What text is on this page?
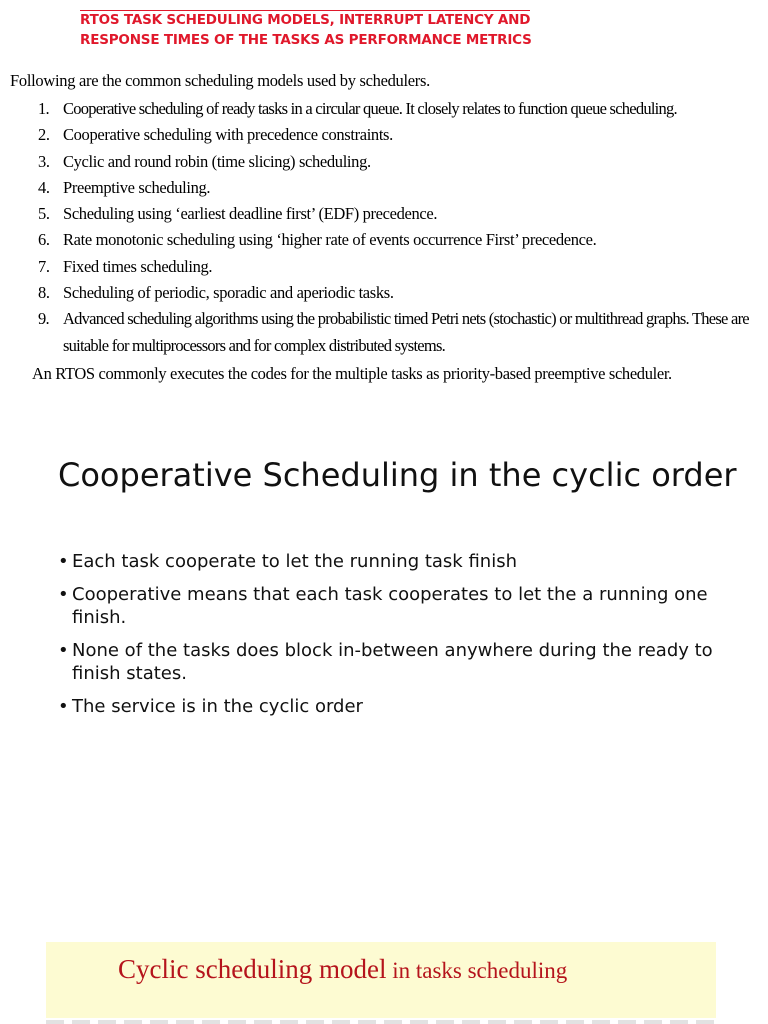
RTOS TASK SCHEDULING MODELS, INTERRUPT LATENCY AND
RESPONSE TIMES OF THE TASKS AS PERFORMANCE METRICS
Following are the common scheduling models used by schedulers.
1. Cooperative scheduling of ready tasks in a circular queue. It closely relates to function queue scheduling.
2. Cooperative scheduling with precedence constraints.
3. Cyclic and round robin (time slicing) scheduling.
4. Preemptive scheduling.
5. Scheduling using ‘earliest deadline first’ (EDF) precedence.
6. Rate monotonic scheduling using ‘higher rate of events occurrence First’ precedence.
7. Fixed times scheduling.
8. Scheduling of periodic, sporadic and aperiodic tasks.
9. Advanced scheduling algorithms using the probabilistic timed Petri nets (stochastic) or multithread graphs. These are suitable for multiprocessors and for complex distributed systems.
An RTOS commonly executes the codes for the multiple tasks as priority-based preemptive scheduler.
Cooperative Scheduling in the cyclic order
• Each task cooperate to let the running task finish
• Cooperative means that each task cooperates to let the a running one finish.
• None of the tasks does block in-between anywhere during the ready to finish states.
• The service is in the cyclic order
Cyclic scheduling model in tasks scheduling
